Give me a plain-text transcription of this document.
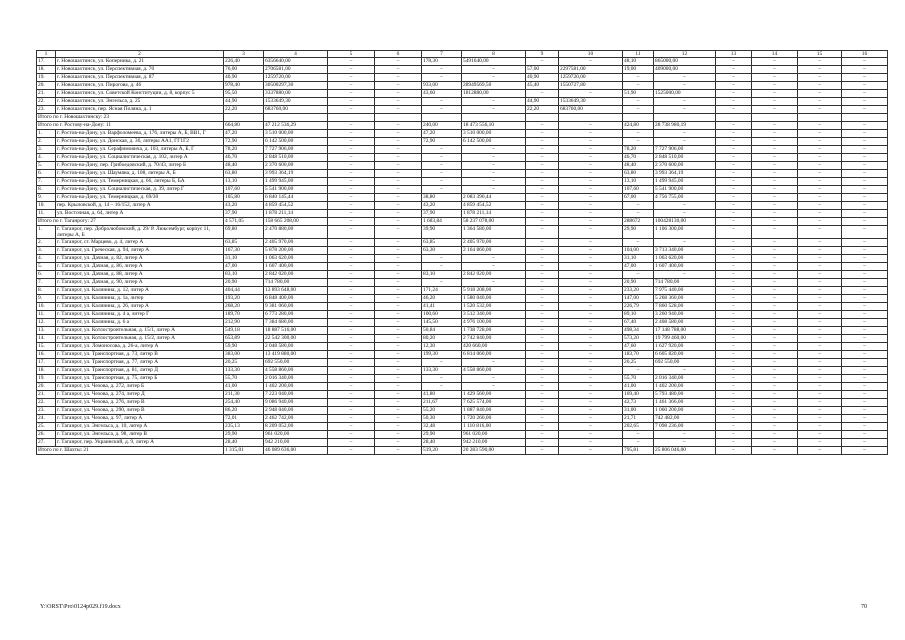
1	2	3	4	5	6	7	8	9	10	11	12	13	14	15	16
17.	г. Новошахтинск, ул. Коперника, д. 21	226,40	6356640,00	–	–	178,30	5491640,00	–	–	48,10	865000,00	–	–	–	–
18.	г. Новошахтинск, ул. Перспективная, д. 70	76,00	2706581,00	–	–	–	–	57,00	2297581,00	19,00	409000,00	–	–	–	–
19.	г. Новошахтинск, ул. Перспективная, д. 87	40,90	1259720,00	–	–	–	–	40,90	1259720,00	–	–	–	–	–	–
20.	г. Новошахтинск, ул. Пирогова, д. 46	978,40	30500297,30	–	–	933,00	28949569,50	45,40	1550727,80	–	–	–	–	–	–
21.	г. Новошахтинск, ул. Советской Конституции, д. 8, корпус 5	95,50	3337880,00	–	–	43,60	1812880,00	–	–	51,90	1525000,00	–	–	–	–
22.	г. Новошахтинск, ул. Энгельса, д. 25	44,90	1533649,30	–	–	–	–	44,90	1533649,30	–	–	–	–	–	–
23.	г. Новошахтинск, пер. Ясная Поляна, д. 1	22,20	683760,00	–	–	–	–	22,20	683760,00	–	–	–	–	–	–
Итого по г. Новошахтинску: 23															
Итого по г. Ростову-на-Дону: 11		664,80	47 212 536,29	–	–	240,00	18 473 556,10	–	–	424,80	28 738 980,19	–	–	–	–
1.	г. Ростов-на-Дону, ул. Варфоломеева, д. 176, литеры А, Б, ВВ1, Г	47,20	3 510 000,00	–	–	47,20	3 510 000,00	–	–	–	–	–	–	–	–
2.	г. Ростов-на-Дону, ул. Донская, д. 36, литеры АА1, ГГ1Г2	72,90	6 142 500,00	–	–	72,90	6 142 500,00	–	–	–	–	–	–	–	–
3.	г. Ростов-на-Дону, ул. Серафимовича, д. 103, литеры А, Б, Г	78,20	7 727 906,00	–	–	–	–	–	–	78,20	7 727 906,00	–	–	–	–
4.	г. Ростов-на-Дону, ул. Социалистическая, д. 102, литер А	46,70	2 848 510,00	–	–	–	–	–	–	46,70	2 848 510,00	–	–	–	–
5.	г. Ростов-на-Дону, пер. Грибоедовский, д. 70/43, литер Б	48,40	2 370 600,00	–	–	–	–	–	–	48,40	2 370 600,00	–	–	–	–
6.	г. Ростов-на-Дону, ул. Шаумяна, д. 108, литеры А, Б	63,80	3 993 364,19	–	–	–	–	–	–	63,80	3 993 364,19	–	–	–	–
7.	г. Ростов-на-Дону, ул. Темерницкая, д. 66, литеры Б, БА	13,10	1 499 945,00	–	–	–	–	–	–	13,10	1 499 945,00	–	–	–	–
8.	г. Ростов-на-Дону, ул. Социалистическая, д. 39, литер Г	107,60	5 541 900,00	–	–	–	–	–	–	107,60	5 541 900,00	–	–	–	–
9.	г. Ростов-на-Дону, ул. Темерницкая, д. 69/30	105,80	6 840 145,44	–	–	38,80	2 083 390,44	–	–	67,00	4 756 755,00	–	–	–	–
10.	пер. Крыловской, д. 14 – 16/152, литер А	43,20	4 859 454,52	–	–	43,20	4 859 454,52	–	–	–	–	–	–	–	–
11.	ул. Восточная, д. 64, литер А	37,90	1 878 211,14	–	–	37,90	1 878 211,14	–	–	–	–	–	–	–	–
Итого по г. Таганрогу: 27		4 571,05	158 665 208,00	–	–	1 683,84	58 237 078,00	–	–	288672	100428130,00	–	–	–	–
1.	г. Таганрог, пер. Добролюбовский, д. 29/ Р. Люксембург, корпус 11, литеры А, Б	69,80	2 470 880,00	–	–	39,90	1 364 580,00	–	–	29,90	1 106 300,00	–	–	–	–
2.	г. Таганрог, ст. Марцево, д. 4, литер А	63,85	2 405 970,00	–	–	63,85	2 405 970,00	–	–	–	–	–	–	–	–
3.	г. Таганрог, ул. Греческая, д. 94, литер А	167,30	5 878 200,00	–	–	63,30	2 164 860,00	–	–	104,00	3 713 340,00	–	–	–	–
4.	г. Таганрог, ул. Дачная, д. 82, литер А	31,10	1 063 620,00	–	–	–	–	–	–	31,10	1 063 620,00	–	–	–	–
5.	г. Таганрог, ул. Дачная, д. 86, литер А	47,00	1 607 400,00	–	–	–	–	–	–	47,00	1 607 400,00	–	–	–	–
6.	г. Таганрог, ул. Дачная, д. 88, литер А	83,10	2 842 020,00	–	–	83,10	2 842 020,00	–	–	–	–	–	–	–	–
7.	г. Таганрог, ул. Дачная, д. 90, литер А	20,90	714 780,00	–	–	–	–	–	–	20,90	714 780,00	–	–	–	–
8.	г. Таганрог, ул. Калинина, д. 12, литер А	404,44	13 893 648,00	–	–	171,24	5 918 208,00	–	–	233,20	7 975 440,00	–	–	–	–
9.	г. Таганрог, ул. Калинина, д. 1а, литер	193,20	6 848 400,00	–	–	46,20	1 580 040,00	–	–	147,00	5 268 360,00	–	–	–	–
10.	г. Таганрог, ул. Калинина, д. 26, литер А	268,20	9 381 060,00	–	–	41,41	1 520 532,00	–	–	226,79	7 860 528,00	–	–	–	–
11.	г. Таганрог, ул. Калинина, д. 4 а, литер Г	189,70	6 773 280,00	–	–	100,60	3 512 340,00	–	–	89,10	3 260 940,00	–	–	–	–
12.	г. Таганрог, ул. Калинина, д. 6 а	212,90	7 384 680,00	–	–	145,50	4 976 100,00	–	–	67,40	2 408 580,00	–	–	–	–
13.	г. Таганрог, ул. Котлостроительная, д. 15/1, литер А	549,18	18 887 516,00	–	–	50,84	1 738 728,00	–	–	498,34	17 148 788,00	–	–	–	–
14.	г. Таганрог, ул. Котлостроительная, д. 15/2, литер А	653,89	22 542 300,00	–	–	80,20	2 742 840,00	–	–	573,20	19 799 460,00	–	–	–	–
15.	г. Таганрог, ул. Ломоносова, д. 26-а, литер А	59,90	2 048 580,00	–	–	12,30	420 660,00	–	–	47,60	1 627 920,00	–	–	–	–
16.	г. Таганрог, ул. Транспортная, д. 73, литер В	383,00	13 419 880,00	–	–	199,30	6 814 060,00	–	–	183,70	6 605 820,00	–	–	–	–
17.	г. Таганрог, ул. Транспортная, д. 77, литер А	20,25	692 550,00	–	–	–	–	–	–	20,25	692 550,00	–	–	–	–
18.	г. Таганрог, ул. Транспортная, д. 81, литер Д	133,30	4 558 860,00	–	–	133,30	4 558 860,00	–	–	–	–	–	–	–	–
19.	г. Таганрог, ул. Транспортная, д. 75, литер Б	55,70	2 016 340,00	–	–	–	–	–	–	55,70	2 016 340,00	–	–	–	–
20.	г. Таганрог, ул. Чехова, д. 272, литер Б	41,00	1 402 200,00	–	–	–	–	–	–	41,00	1 402 200,00	–	–	–	–
21.	г. Таганрог, ул. Чехова, д. 274, литер Д	211,30	7 223 040,00	–	–	41,80	1 429 560,00	–	–	169,40	5 793 480,00	–	–	–	–
22.	г. Таганрог, ул. Чехова, д. 276, литер В	254,40	9 086 940,00	–	–	211,67	7 625 574,00	–	–	42,73	1 461 366,00	–	–	–	–
23.	г. Таганрог, ул. Чехова, д. 290, литер В	86,20	2 948 040,00	–	–	55,20	1 887 840,00	–	–	31,00	1 060 200,00	–	–	–	–
24.	г. Таганрог, ул. Чехова, д. 97, литер А	72,01	2 462 742,00	–	–	50,30	1 720 260,00	–	–	21,71	742 482,00	–	–	–	–
25.	г. Таганрог, ул. Энгельса, д. 10, литер А	235,13	8 209 052,00	–	–	32,48	1 110 816,00	–	–	202,65	7 098 236,00	–	–	–	–
26.	г. Таганрог, ул. Энгельса, д. 98, литер В	29,90	961 020,00	–	–	29,90	961 020,00	–	–	–	–	–	–	–	–
27.	г. Таганрог, пер. Украинский, д. 9, литер А	28,40	942 210,00	–	–	28,40	942 210,00	–	–	–	–	–	–	–	–
Итого по г. Шахты: 21		1 315,01	46 089 636,00	–	–	519,20	20 283 590,00	–	–	795,81	25 806 046,00	–	–	–	–
Y:\ORST\Pro\0124p029.f19.docx	70
